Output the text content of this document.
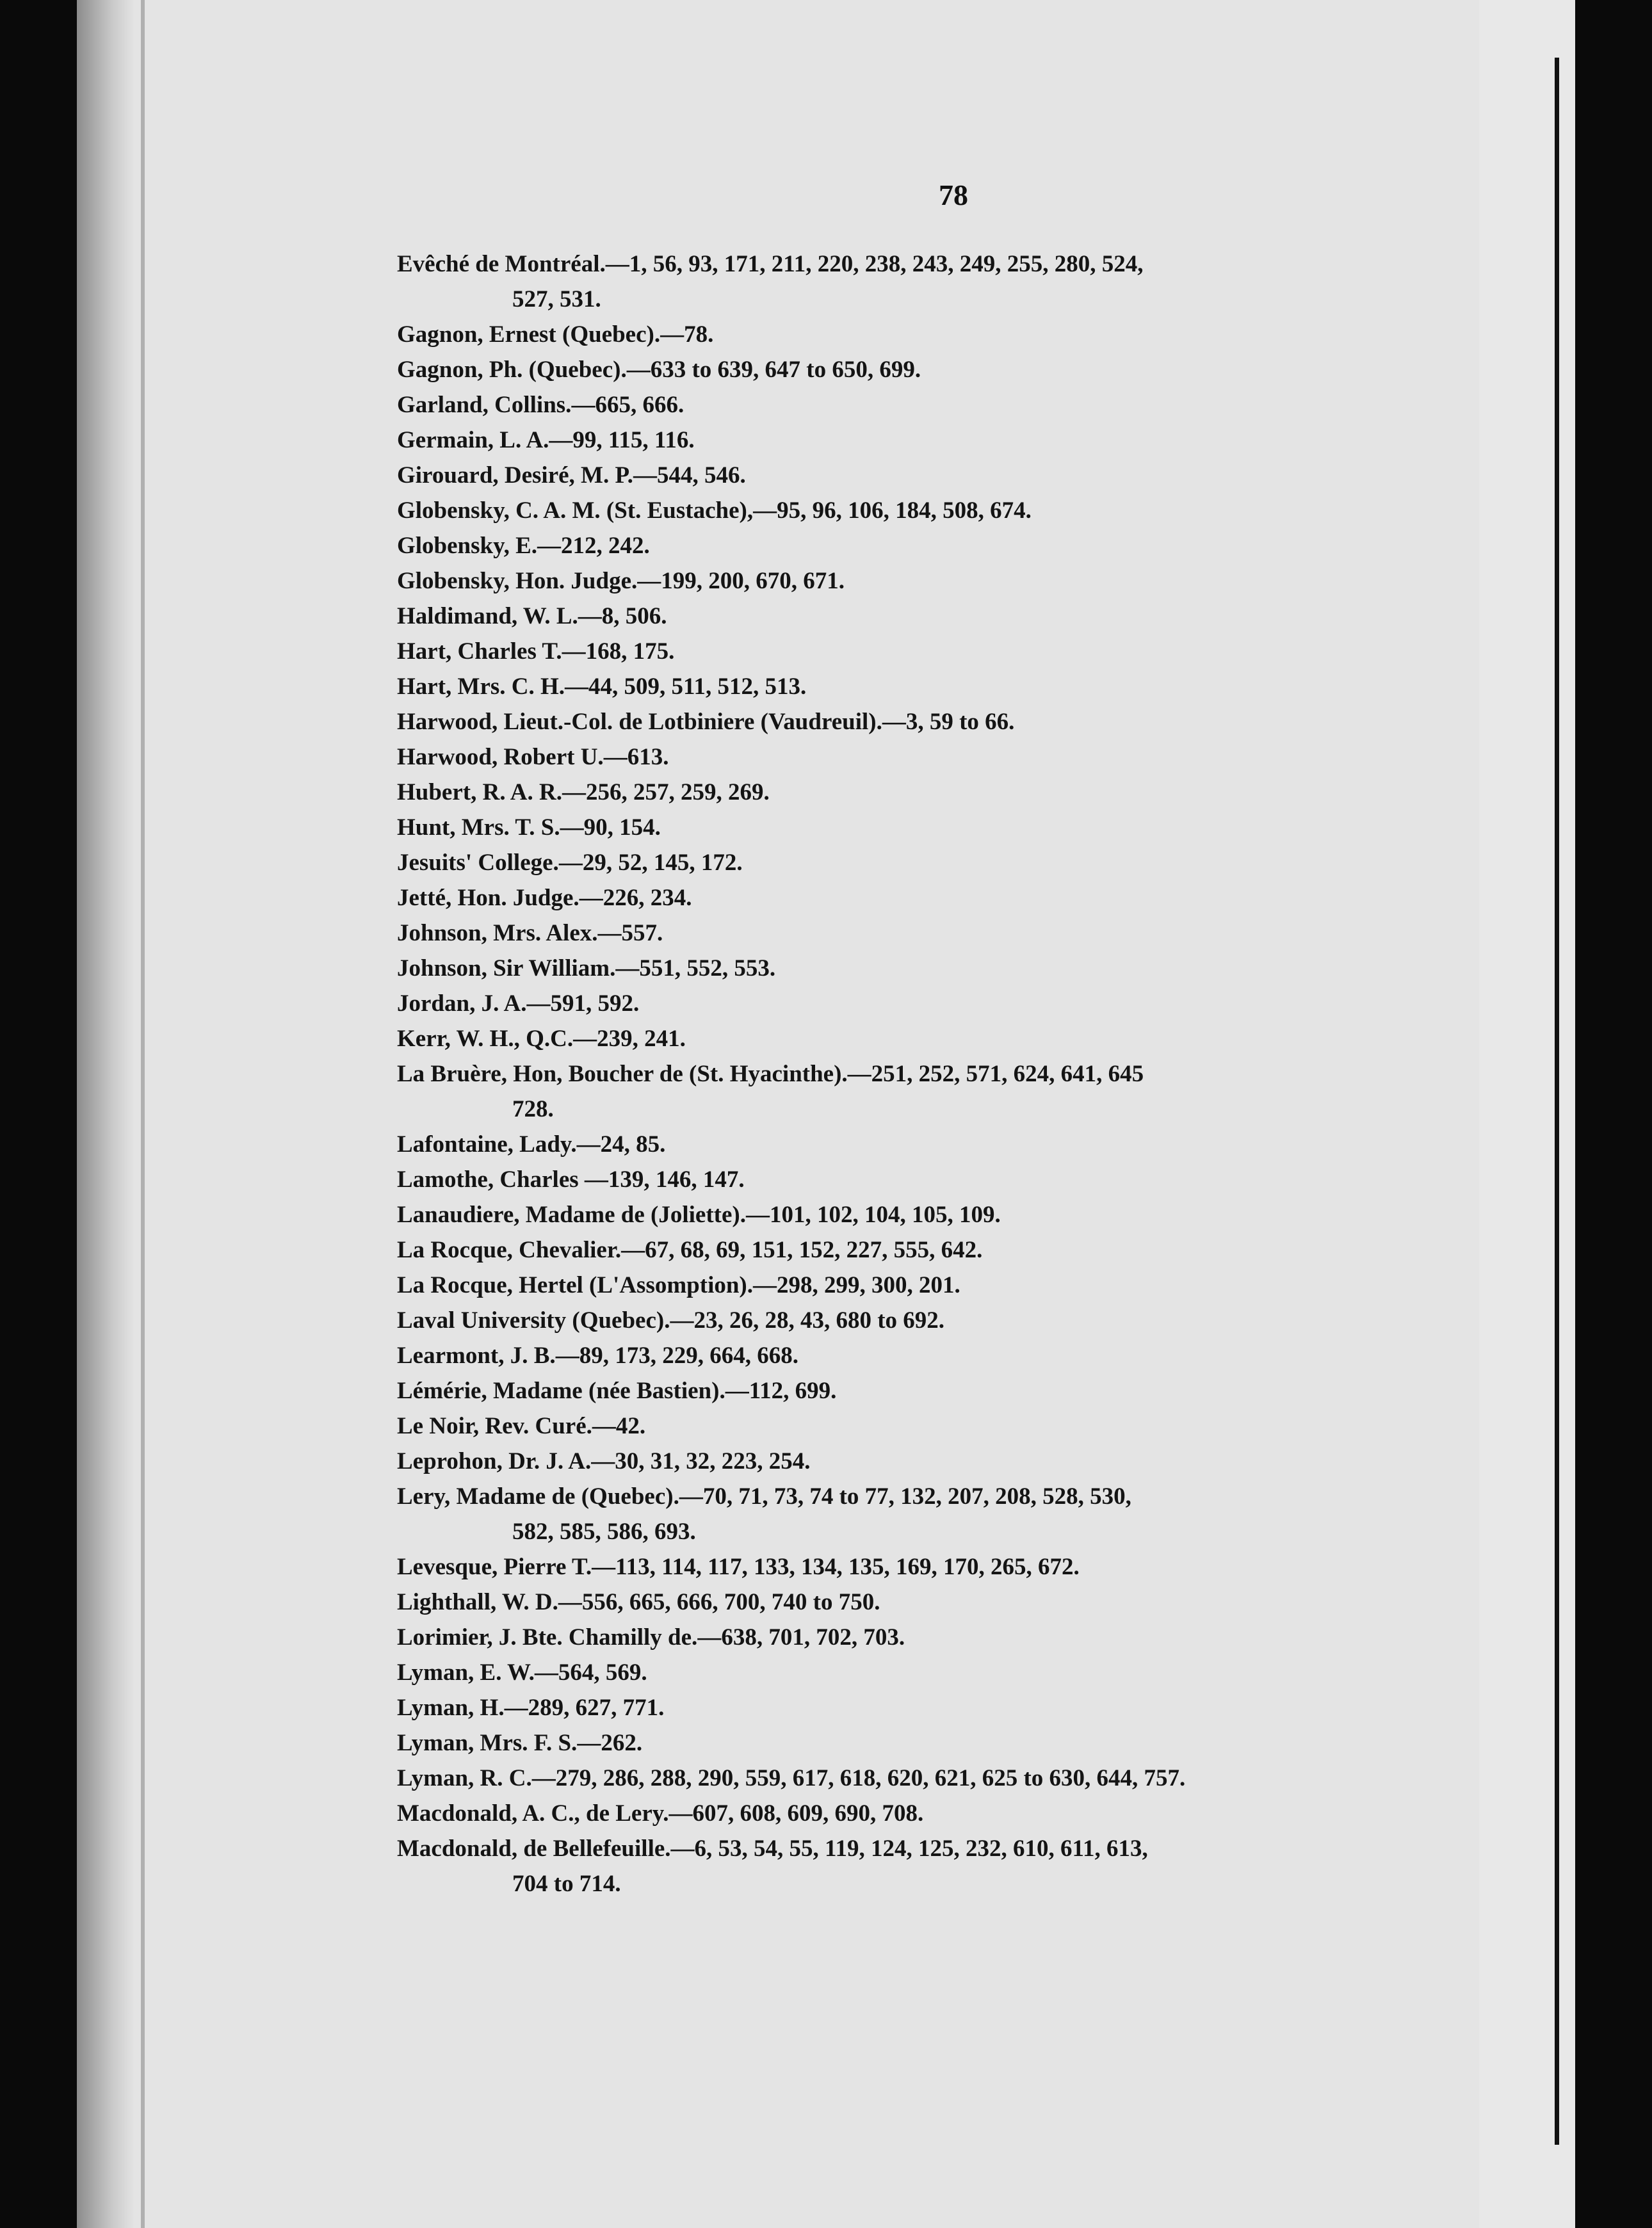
78
Evêché de Montréal.—1, 56, 93, 171, 211, 220, 238, 243, 249, 255, 280, 524,
527, 531.
Gagnon, Ernest (Quebec).—78.
Gagnon, Ph. (Quebec).—633 to 639, 647 to 650, 699.
Garland, Collins.—665, 666.
Germain, L. A.—99, 115, 116.
Girouard, Desiré, M. P.—544, 546.
Globensky, C. A. M. (St. Eustache),—95, 96, 106, 184, 508, 674.
Globensky, E.—212, 242.
Globensky, Hon. Judge.—199, 200, 670, 671.
Haldimand, W. L.—8, 506.
Hart, Charles T.—168, 175.
Hart, Mrs. C. H.—44, 509, 511, 512, 513.
Harwood, Lieut.-Col. de Lotbiniere (Vaudreuil).—3, 59 to 66.
Harwood, Robert U.—613.
Hubert, R. A. R.—256, 257, 259, 269.
Hunt, Mrs. T. S.—90, 154.
Jesuits' College.—29, 52, 145, 172.
Jetté, Hon. Judge.—226, 234.
Johnson, Mrs. Alex.—557.
Johnson, Sir William.—551, 552, 553.
Jordan, J. A.—591, 592.
Kerr, W. H., Q.C.—239, 241.
La Bruère, Hon, Boucher de (St. Hyacinthe).—251, 252, 571, 624, 641, 645
728.
Lafontaine, Lady.—24, 85.
Lamothe, Charles —139, 146, 147.
Lanaudiere, Madame de (Joliette).—101, 102, 104, 105, 109.
La Rocque, Chevalier.—67, 68, 69, 151, 152, 227, 555, 642.
La Rocque, Hertel (L'Assomption).—298, 299, 300, 201.
Laval University (Quebec).—23, 26, 28, 43, 680 to 692.
Learmont, J. B.—89, 173, 229, 664, 668.
Lémérie, Madame (née Bastien).—112, 699.
Le Noir, Rev. Curé.—42.
Leprohon, Dr. J. A.—30, 31, 32, 223, 254.
Lery, Madame de (Quebec).—70, 71, 73, 74 to 77, 132, 207, 208, 528, 530,
582, 585, 586, 693.
Levesque, Pierre T.—113, 114, 117, 133, 134, 135, 169, 170, 265, 672.
Lighthall, W. D.—556, 665, 666, 700, 740 to 750.
Lorimier, J. Bte. Chamilly de.—638, 701, 702, 703.
Lyman, E. W.—564, 569.
Lyman, H.—289, 627, 771.
Lyman, Mrs. F. S.—262.
Lyman, R. C.—279, 286, 288, 290, 559, 617, 618, 620, 621, 625 to 630, 644, 757.
Macdonald, A. C., de Lery.—607, 608, 609, 690, 708.
Macdonald, de Bellefeuille.—6, 53, 54, 55, 119, 124, 125, 232, 610, 611, 613,
704 to 714.
